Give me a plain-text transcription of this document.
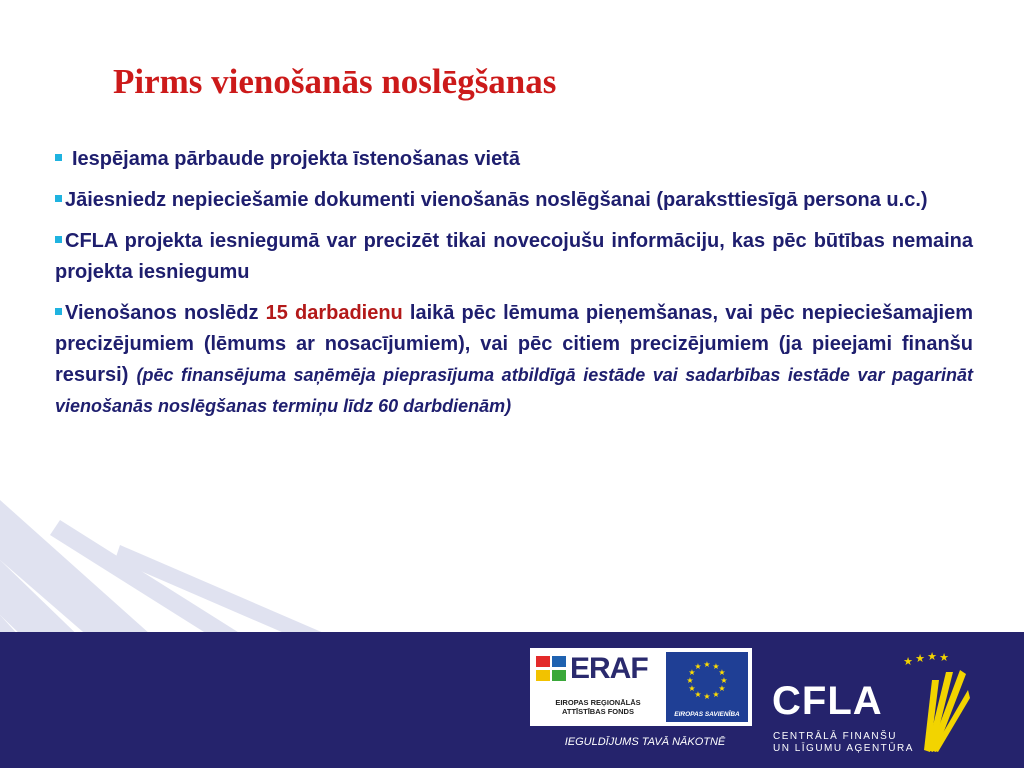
Pirms vienošanās noslēgšanas

Iespējama pārbaude projekta īstenošanas vietā

Jāiesniedz nepieciešamie dokumenti vienošanās noslēgšanai (paraksttiesīgā persona u.c.)

CFLA projekta iesniegumā var precizēt tikai novecojušu informāciju, kas pēc būtības nemaina projekta iesniegumu

Vienošanos noslēdz 15 darbadienu laikā pēc lēmuma pieņemšanas, vai pēc nepieciešamajiem precizējumiem (lēmums ar nosacījumiem), vai pēc citiem precizējumiem (ja pieejami finanšu resursi) (pēc finansējuma saņēmēja pieprasījuma atbildīgā iestāde vai sadarbības iestāde var pagarināt vienošanās noslēgšanas termiņu līdz 60 darbdienām)

ERAF
EIROPAS REĢIONĀLĀS ATTĪSTĪBAS FONDS
★ ★
★
★
★
★
★
★
★
★
★
★
EIROPAS SAVIENĪBA
IEGULDĪJUMS TAVĀ NĀKOTNĒ
★ ★ ★ ★
CFLA
CENTRĀLĀ FINANŠU
UN LĪGUMU AĢENTŪRA
